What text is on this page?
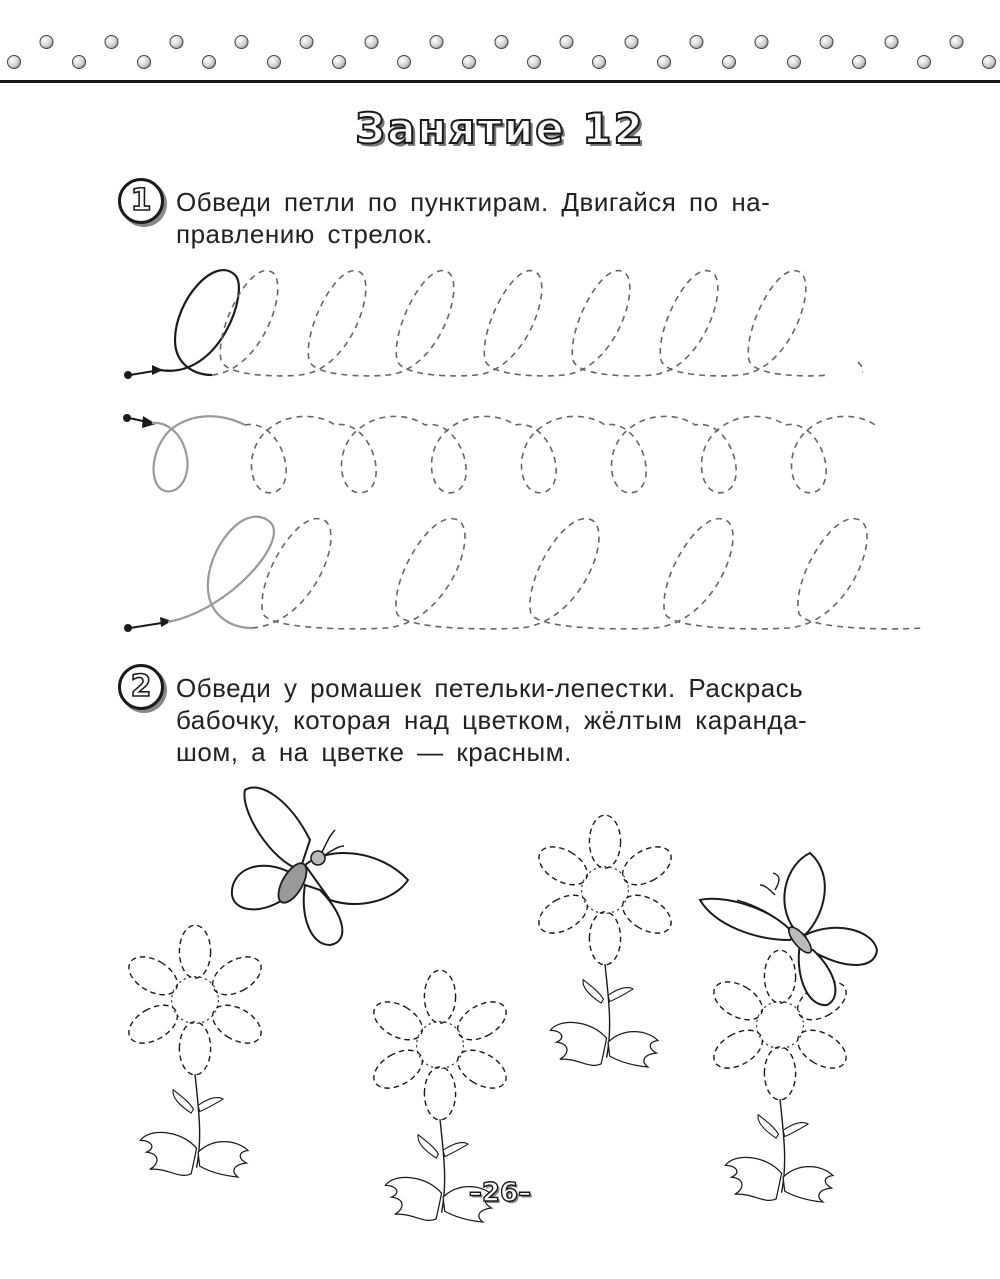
Занятие 12
1 Обведи петли по пунктирам. Двигайся по на-
правлению стрелок.
2 Обведи у ромашек петельки-лепестки. Раскрась
бабочку, которая над цветком, жёлтым каранда-
шом, а на цветке — красным.
–26–
